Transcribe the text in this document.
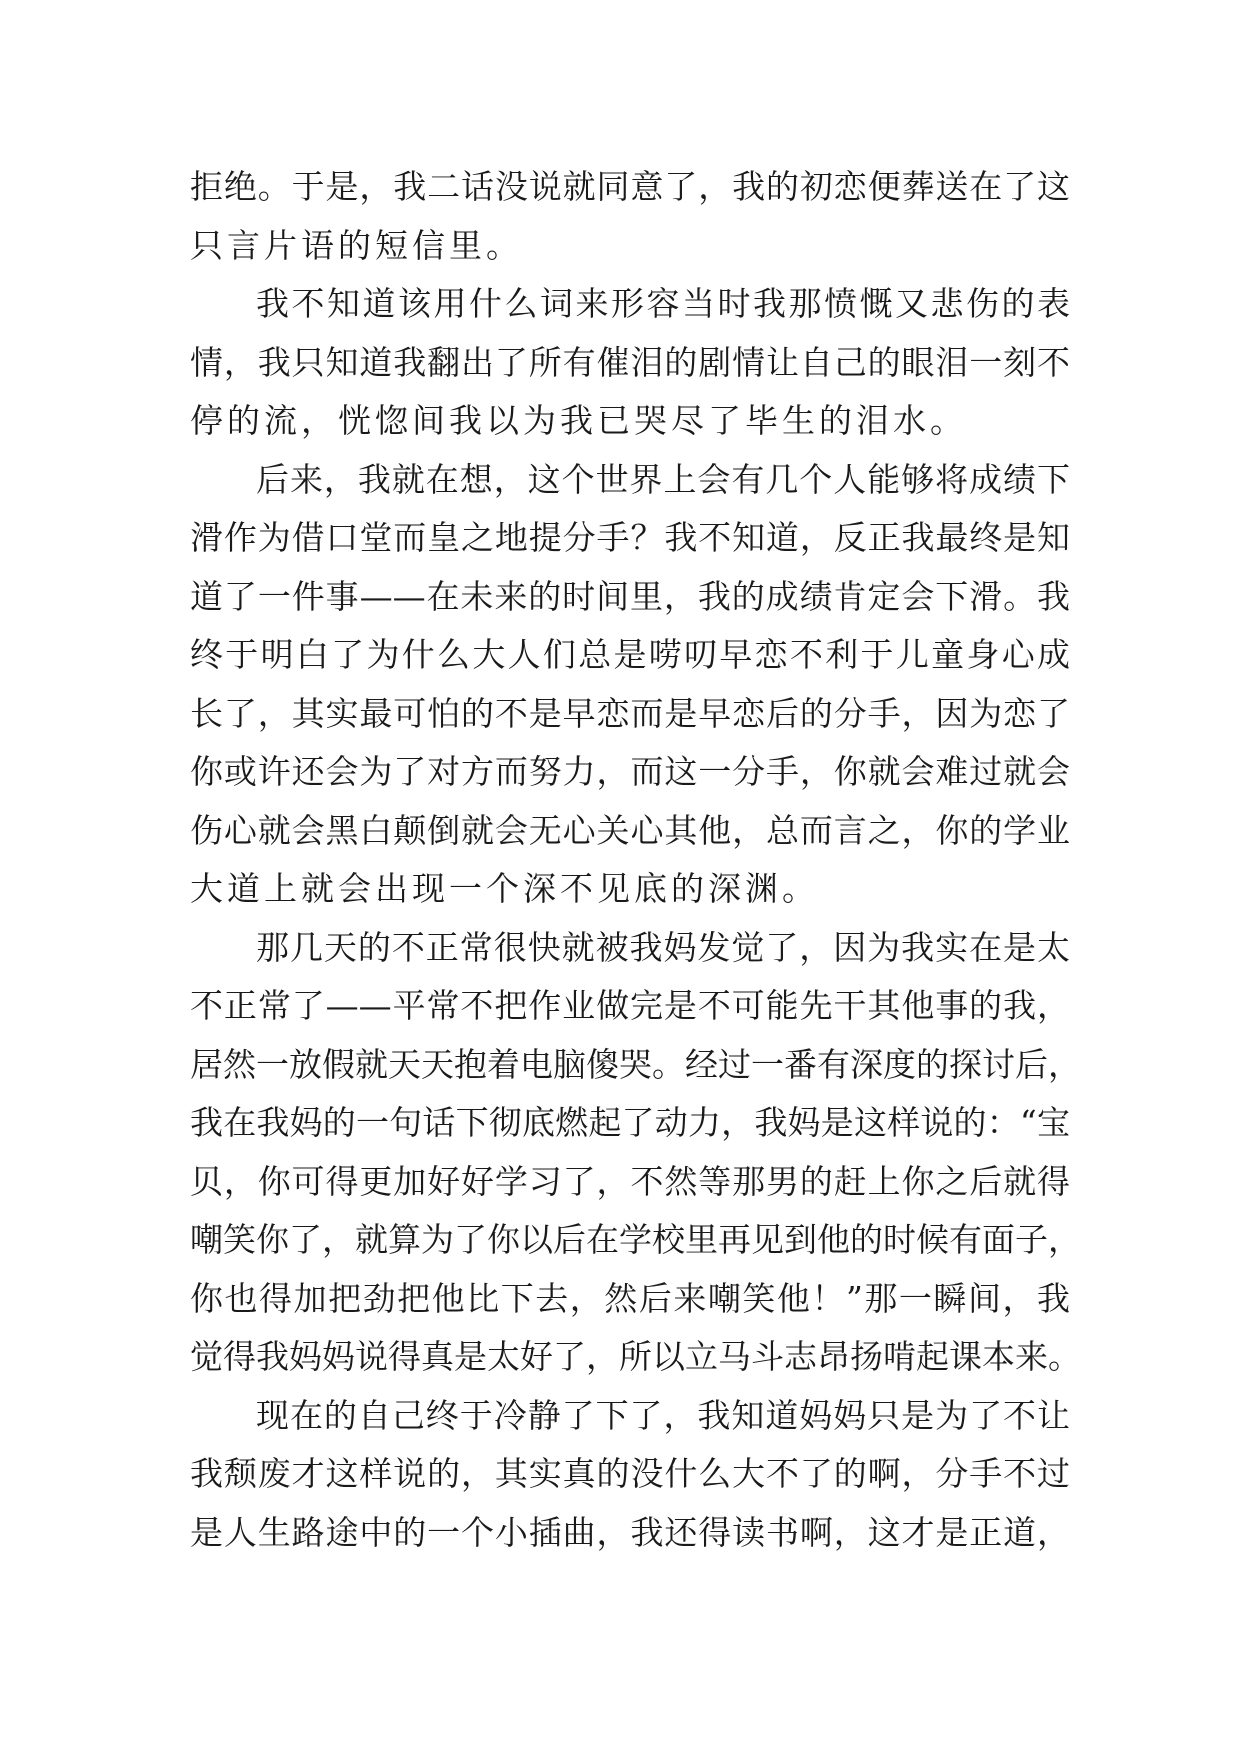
拒绝。于是，我二话没说就同意了，我的初恋便葬送在了这
只言片语的短信里。
我不知道该用什么词来形容当时我那愤慨又悲伤的表
情，我只知道我翻出了所有催泪的剧情让自己的眼泪一刻不
停的流，恍惚间我以为我已哭尽了毕生的泪水。
后来，我就在想，这个世界上会有几个人能够将成绩下
滑作为借口堂而皇之地提分手？我不知道，反正我最终是知
道了一件事——在未来的时间里，我的成绩肯定会下滑。我
终于明白了为什么大人们总是唠叨早恋不利于儿童身心成
长了，其实最可怕的不是早恋而是早恋后的分手，因为恋了
你或许还会为了对方而努力，而这一分手，你就会难过就会
伤心就会黑白颠倒就会无心关心其他，总而言之，你的学业
大道上就会出现一个深不见底的深渊。
那几天的不正常很快就被我妈发觉了，因为我实在是太
不正常了——平常不把作业做完是不可能先干其他事的我，
居然一放假就天天抱着电脑傻哭。经过一番有深度的探讨后，
我在我妈的一句话下彻底燃起了动力，我妈是这样说的：“宝
贝，你可得更加好好学习了，不然等那男的赶上你之后就得
嘲笑你了，就算为了你以后在学校里再见到他的时候有面子，
你也得加把劲把他比下去，然后来嘲笑他！”那一瞬间，我
觉得我妈妈说得真是太好了，所以立马斗志昂扬啃起课本来。
现在的自己终于冷静了下了，我知道妈妈只是为了不让
我颓废才这样说的，其实真的没什么大不了的啊，分手不过
是人生路途中的一个小插曲，我还得读书啊，这才是正道，
